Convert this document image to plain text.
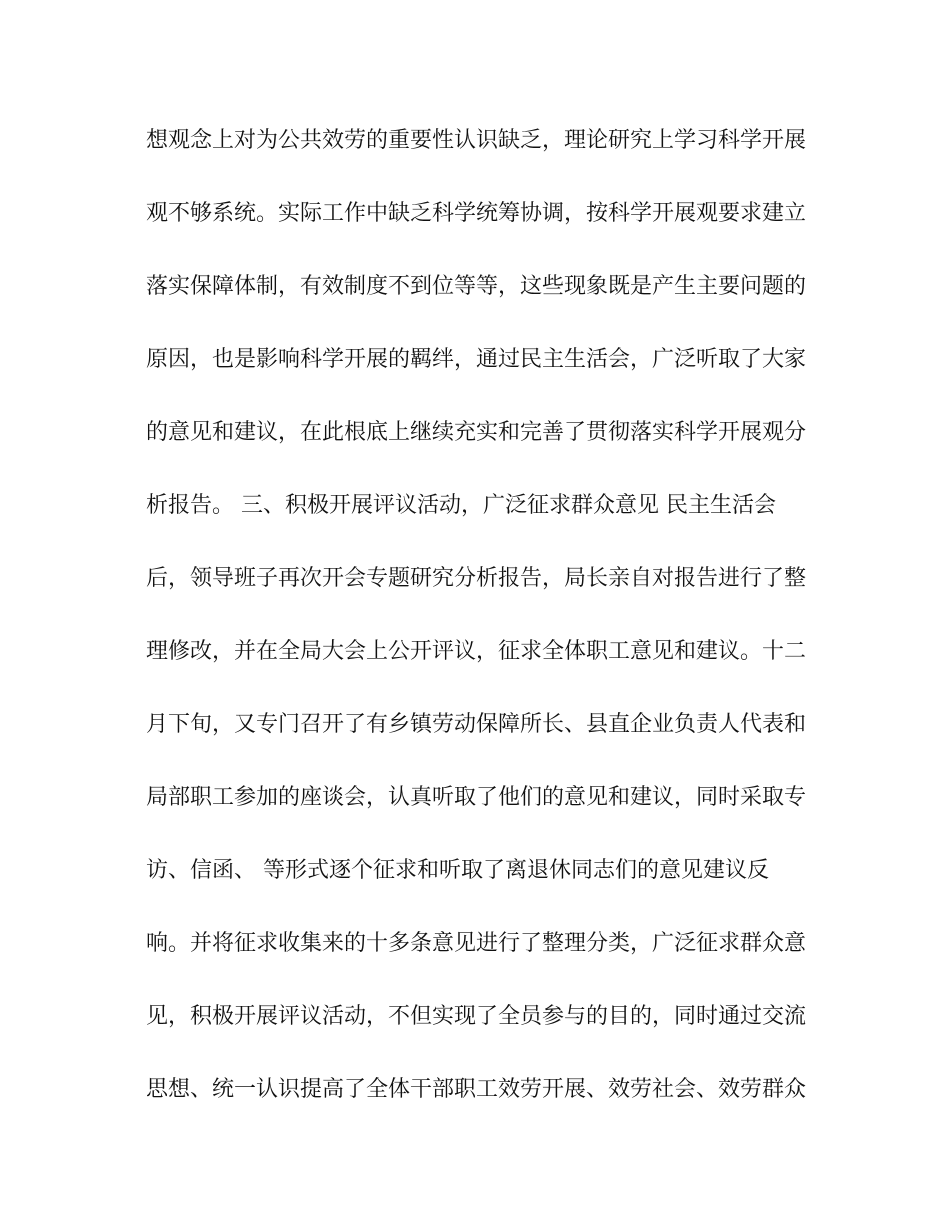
想观念上对为公共效劳的重要性认识缺乏，理论研究上学习科学开展
观不够系统。实际工作中缺乏科学统筹协调，按科学开展观要求建立
落实保障体制，有效制度不到位等等，这些现象既是产生主要问题的
原因，也是影响科学开展的羁绊，通过民主生活会，广泛听取了大家
的意见和建议，在此根底上继续充实和完善了贯彻落实科学开展观分
析报告。 三、积极开展评议活动，广泛征求群众意见 民主生活会
后，领导班子再次开会专题研究分析报告，局长亲自对报告进行了整
理修改，并在全局大会上公开评议，征求全体职工意见和建议。十二
月下旬，又专门召开了有乡镇劳动保障所长、县直企业负责人代表和
局部职工参加的座谈会，认真听取了他们的意见和建议，同时采取专
访、信函、 等形式逐个征求和听取了离退休同志们的意见建议反
响。并将征求收集来的十多条意见进行了整理分类，广泛征求群众意
见，积极开展评议活动，不但实现了全员参与的目的，同时通过交流
思想、统一认识提高了全体干部职工效劳开展、效劳社会、效劳群众
